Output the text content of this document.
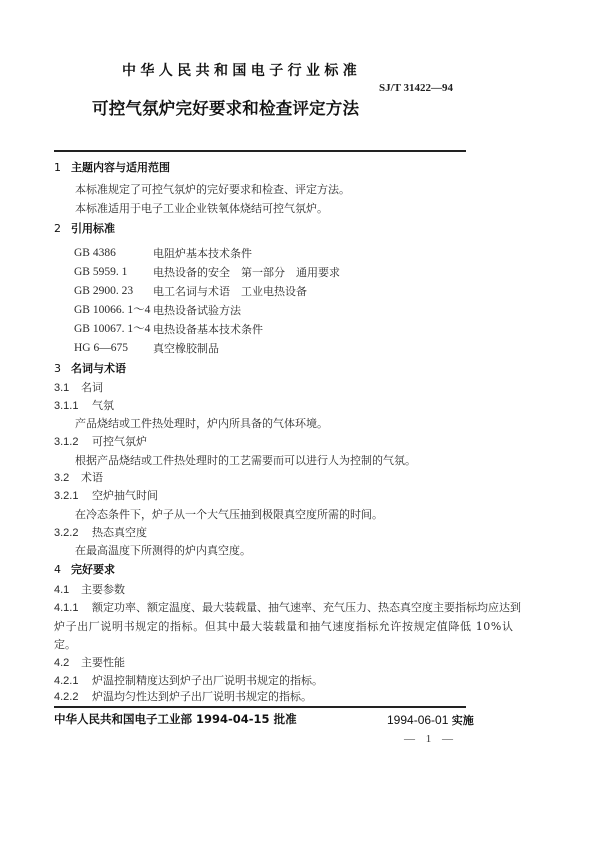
中华人民共和国电子行业标准
SJ/T 31422—94
可控气氛炉完好要求和检查评定方法
1 主题内容与适用范围
本标准规定了可控气氛炉的完好要求和检查、评定方法。
本标准适用于电子工业企业铁氧体烧结可控气氛炉。
2 引用标准
GB 4386	电阻炉基本技术条件
GB 5959. 1 电热设备的安全　第一部分　通用要求
GB 2900. 23 电工名词与术语　工业电热设备
GB 10066. 1～4 电热设备试验方法
GB 10067. 1～4 电热设备基本技术条件
HG 6—675 真空橡胶制品
3 名词与术语
3.1 名词
3.1.1 气氛
产品烧结或工件热处理时，炉内所具备的气体环境。
3.1.2 可控气氛炉
根据产品烧结或工件热处理时的工艺需要而可以进行人为控制的气氛。
3.2 术语
3.2.1 空炉抽气时间
在冷态条件下，炉子从一个大气压抽到极限真空度所需的时间。
3.2.2 热态真空度
在最高温度下所测得的炉内真空度。
4 完好要求
4.1 主要参数
4.1.1 额定功率、额定温度、最大装载量、抽气速率、充气压力、热态真空度主要指标均应达到
炉子出厂说明书规定的指标。但其中最大装载量和抽气速度指标允许按规定值降低 10%认
定。
4.2 主要性能
4.2.1 炉温控制精度达到炉子出厂说明书规定的指标。
4.2.2 炉温均匀性达到炉子出厂说明书规定的指标。
中华人民共和国电子工业部 1994-04-15 批准	1994-06-01 实施
— 1 —
